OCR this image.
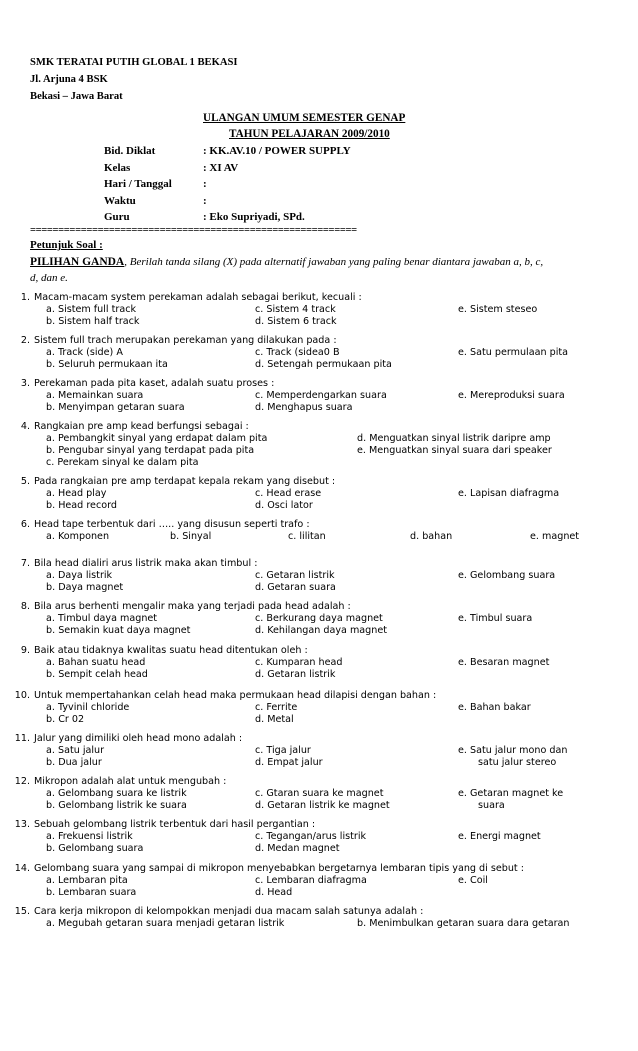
SMK TERATAI PUTIH GLOBAL 1 BEKASI
Jl. Arjuna 4 BSK
Bekasi – Jawa Barat
ULANGAN UMUM SEMESTER GENAP
TAHUN PELAJARAN 2009/2010
Bid. Diklat	: KK.AV.10 / POWER SUPPLY
Kelas	: XI AV
Hari / Tanggal	:
Waktu	:
Guru	: Eko Supriyadi, SPd.
==========================================================
Petunjuk Soal :
PILIHAN GANDA, Berilah tanda silang (X) pada alternatif jawaban yang paling benar diantara jawaban a, b, c,
d, dan e.
1. Macam-macam system perekaman adalah sebagai berikut, kecuali :
a. Sistem full track
b. Sistem half track
c. Sistem 4 track
d. Sistem 6 track
e. Sistem steseo
2. Sistem full trach merupakan perekaman yang dilakukan pada :
a. Track (side) A
b. Seluruh permukaan ita
c. Track (sidea0 B
d. Setengah permukaan pita
e. Satu permulaan pita
3. Perekaman pada pita kaset, adalah suatu proses :
a. Memainkan suara
b. Menyimpan getaran suara
c. Memperdengarkan suara
d. Menghapus suara
e. Mereproduksi suara
4. Rangkaian pre amp kead berfungsi sebagai :
a. Pembangkit sinyal yang erdapat dalam pita
b. Pengubar sinyal yang terdapat pada pita
c. Perekam sinyal ke dalam pita
d. Menguatkan sinyal listrik daripre amp
e. Menguatkan sinyal suara dari speaker
5. Pada rangkaian pre amp terdapat kepala rekam yang disebut :
a. Head play
b. Head record
c. Head erase
d. Osci lator
e. Lapisan diafragma
6. Head tape terbentuk dari ….. yang disusun seperti trafo :
a. Komponen	b. Sinyal	c. lilitan	d. bahan	e. magnet
7. Bila head dialiri arus listrik maka akan timbul :
a. Daya listrik
b. Daya magnet
c. Getaran listrik
d. Getaran suara
e. Gelombang suara
8. Bila arus berhenti mengalir maka yang terjadi pada head adalah :
a. Timbul daya magnet
b. Semakin kuat daya magnet
c. Berkurang daya magnet
d. Kehilangan daya magnet
e. Timbul suara
9. Baik atau tidaknya kwalitas suatu head ditentukan oleh :
a. Bahan suatu head
b. Sempit celah head
c. Kumparan head
d. Getaran listrik
e. Besaran magnet
10. Untuk mempertahankan celah head maka permukaan head dilapisi dengan bahan :
a. Tyvinil chloride
b. Cr 02
c. Ferrite
d. Metal
e. Bahan bakar
11. Jalur yang dimiliki oleh head mono adalah :
a. Satu jalur
b. Dua jalur
c. Tiga jalur
d. Empat jalur
e. Satu jalur mono dan
satu jalur stereo
12. Mikropon adalah alat untuk mengubah :
a. Gelombang suara ke listrik
b. Gelombang listrik ke suara
c. Gtaran suara ke magnet
d. Getaran listrik ke magnet
e. Getaran magnet ke
suara
13. Sebuah gelombang listrik terbentuk dari hasil pergantian :
a. Frekuensi listrik
b. Gelombang suara
c. Tegangan/arus listrik
d. Medan magnet
e. Energi magnet
14. Gelombang suara yang sampai di mikropon menyebabkan bergetarnya lembaran tipis yang di sebut :
a. Lembaran pita
b. Lembaran suara
c. Lembaran diafragma
d. Head
e. Coil
15. Cara kerja mikropon di kelompokkan menjadi dua macam salah satunya adalah :
a. Megubah getaran suara menjadi getaran listrik	b. Menimbulkan getaran suara dara getaran
